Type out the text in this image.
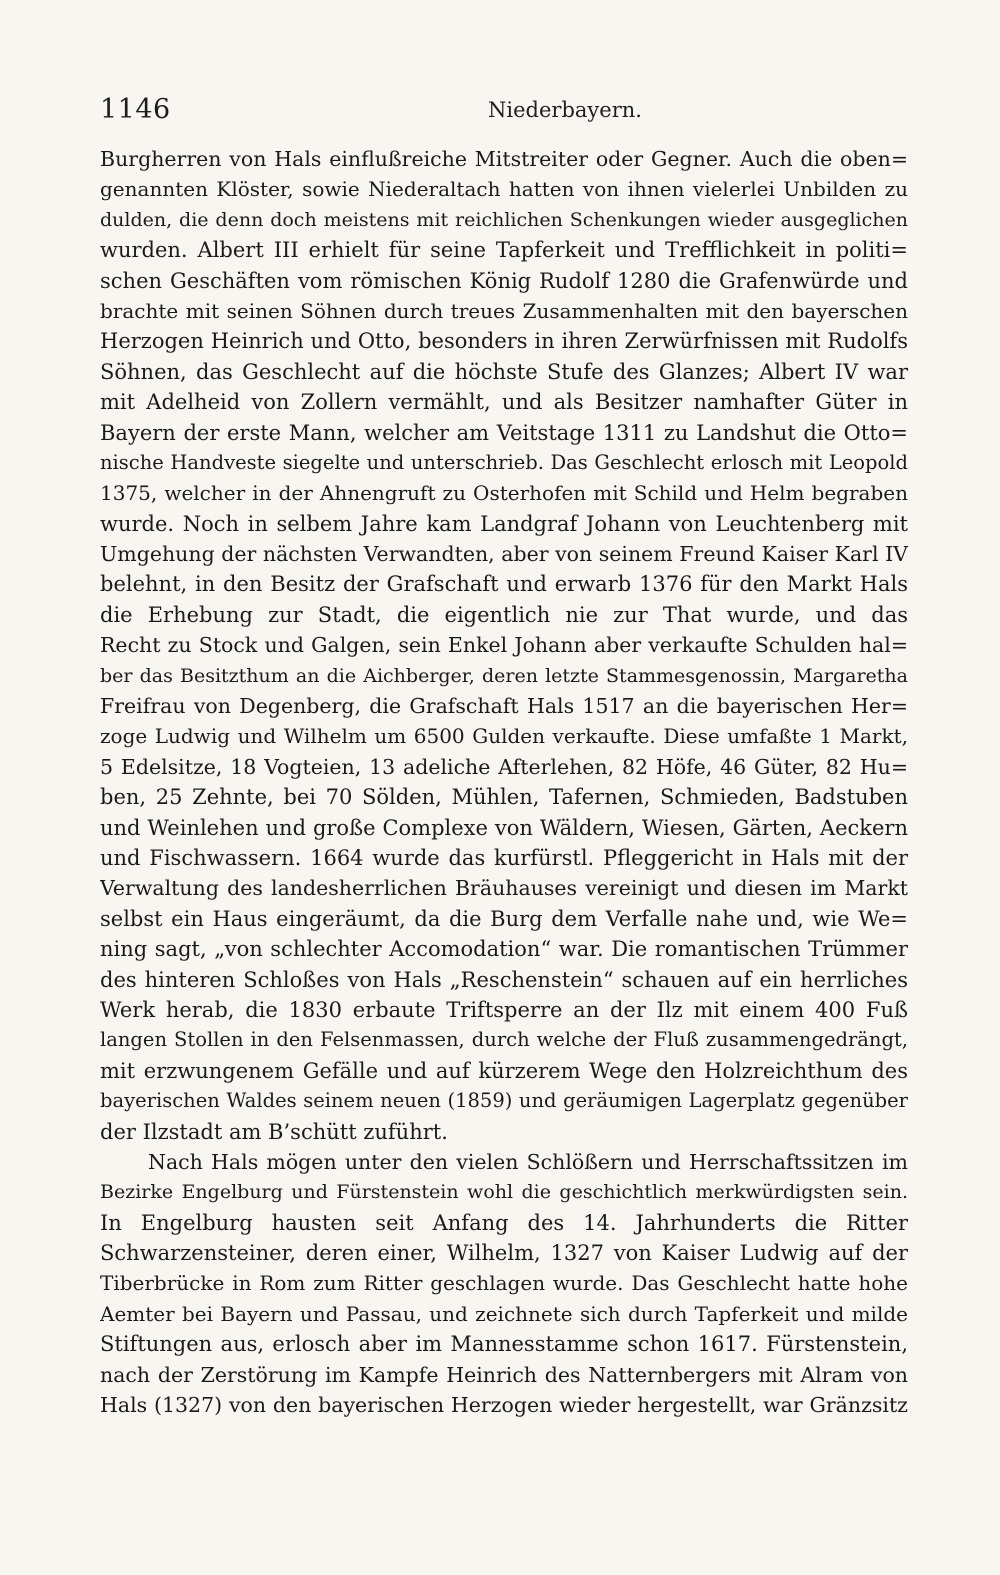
1146	Niederbayern.
Burgherren von Hals einflußreiche Mitstreiter oder Gegner. Auch die oben=
genannten Klöster, sowie Niederaltach hatten von ihnen vielerlei Unbilden zu
dulden, die denn doch meistens mit reichlichen Schenkungen wieder ausgeglichen
wurden. Albert III erhielt für seine Tapferkeit und Trefflichkeit in politi=
schen Geschäften vom römischen König Rudolf 1280 die Grafenwürde und
brachte mit seinen Söhnen durch treues Zusammenhalten mit den bayerschen
Herzogen Heinrich und Otto, besonders in ihren Zerwürfnissen mit Rudolfs
Söhnen, das Geschlecht auf die höchste Stufe des Glanzes; Albert IV war
mit Adelheid von Zollern vermählt, und als Besitzer namhafter Güter in
Bayern der erste Mann, welcher am Veitstage 1311 zu Landshut die Otto=
nische Handveste siegelte und unterschrieb. Das Geschlecht erlosch mit Leopold
1375, welcher in der Ahnengruft zu Osterhofen mit Schild und Helm begraben
wurde. Noch in selbem Jahre kam Landgraf Johann von Leuchtenberg mit
Umgehung der nächsten Verwandten, aber von seinem Freund Kaiser Karl IV
belehnt, in den Besitz der Grafschaft und erwarb 1376 für den Markt Hals
die Erhebung zur Stadt, die eigentlich nie zur That wurde, und das
Recht zu Stock und Galgen, sein Enkel Johann aber verkaufte Schulden hal=
ber das Besitzthum an die Aichberger, deren letzte Stammesgenossin, Margaretha
Freifrau von Degenberg, die Grafschaft Hals 1517 an die bayerischen Her=
zoge Ludwig und Wilhelm um 6500 Gulden verkaufte. Diese umfaßte 1 Markt,
5 Edelsitze, 18 Vogteien, 13 adeliche Afterlehen, 82 Höfe, 46 Güter, 82 Hu=
ben, 25 Zehnte, bei 70 Sölden, Mühlen, Tafernen, Schmieden, Badstuben
und Weinlehen und große Complexe von Wäldern, Wiesen, Gärten, Aeckern
und Fischwassern. 1664 wurde das kurfürstl. Pfleggericht in Hals mit der
Verwaltung des landesherrlichen Bräuhauses vereinigt und diesen im Markt
selbst ein Haus eingeräumt, da die Burg dem Verfalle nahe und, wie We=
ning sagt, „von schlechter Accomodation“ war. Die romantischen Trümmer
des hinteren Schloßes von Hals „Reschenstein“ schauen auf ein herrliches
Werk herab, die 1830 erbaute Triftsperre an der Ilz mit einem 400 Fuß
langen Stollen in den Felsenmassen, durch welche der Fluß zusammengedrängt,
mit erzwungenem Gefälle und auf kürzerem Wege den Holzreichthum des
bayerischen Waldes seinem neuen (1859) und geräumigen Lagerplatz gegenüber
der Ilzstadt am B’schütt zuführt.
Nach Hals mögen unter den vielen Schlößern und Herrschaftssitzen im
Bezirke Engelburg und Fürstenstein wohl die geschichtlich merkwürdigsten sein.
In Engelburg hausten seit Anfang des 14. Jahrhunderts die Ritter
Schwarzensteiner, deren einer, Wilhelm, 1327 von Kaiser Ludwig auf der
Tiberbrücke in Rom zum Ritter geschlagen wurde. Das Geschlecht hatte hohe
Aemter bei Bayern und Passau, und zeichnete sich durch Tapferkeit und milde
Stiftungen aus, erlosch aber im Mannesstamme schon 1617. Fürstenstein,
nach der Zerstörung im Kampfe Heinrich des Natternbergers mit Alram von
Hals (1327) von den bayerischen Herzogen wieder hergestellt, war Gränzsitz
